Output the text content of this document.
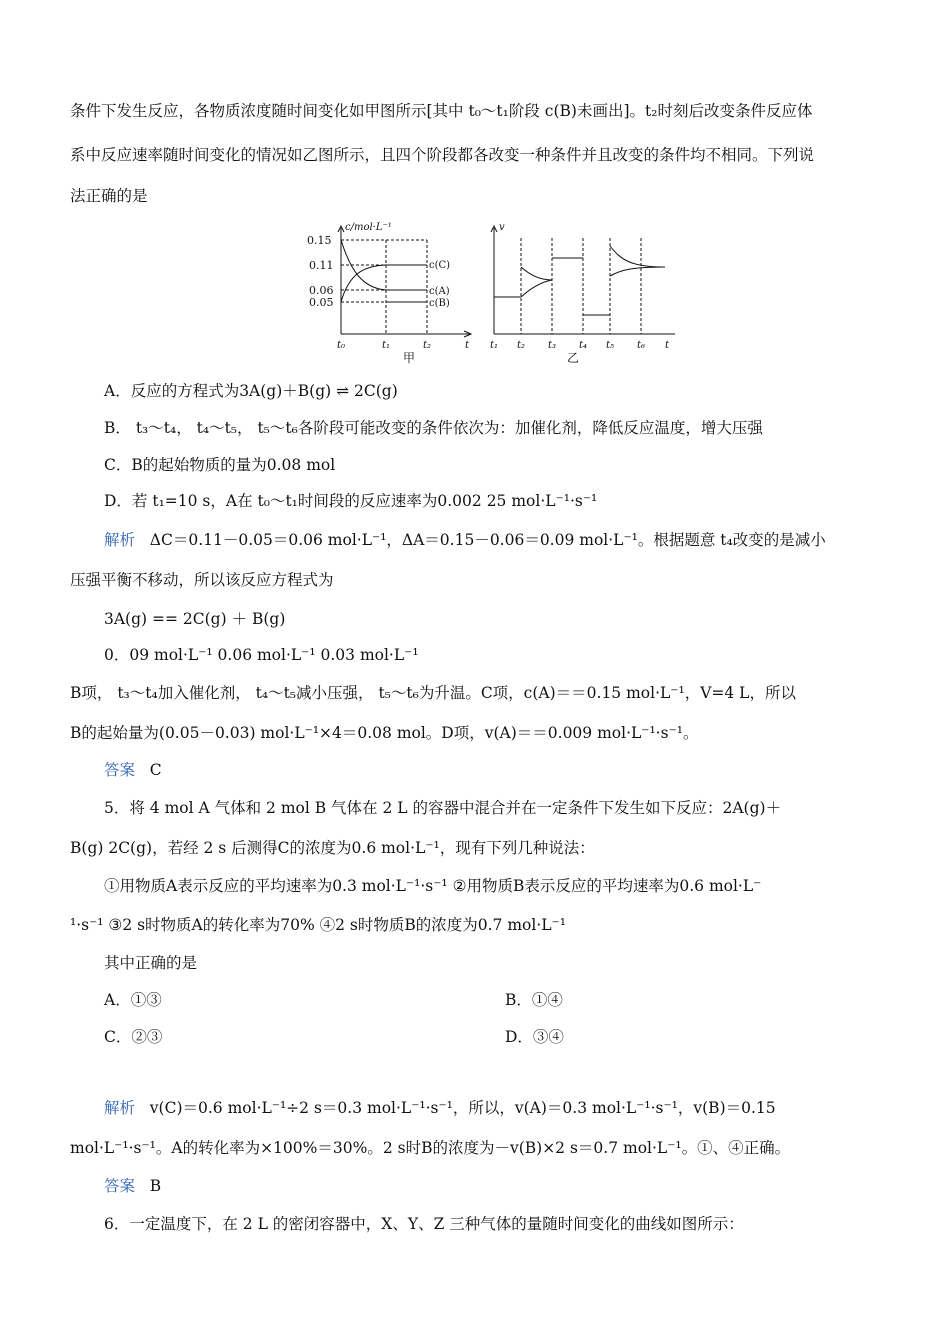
条件下发生反应，各物质浓度随时间变化如甲图所示[其中 t₀～t₁阶段 c(B)未画出]。t₂时刻后改变条件反应体
系中反应速率随时间变化的情况如乙图所示，且四个阶段都各改变一种条件并且改变的条件均不相同。下列说
法正确的是
0.15
0.11
0.06
0.05
c/mol·L⁻¹
t₀	t₁	t₂	t
c(C)
c(A)
c(B)
甲
v
t₁ t₂ t₃ t₄ t₅ t₆ t
乙
A．反应的方程式为3A(g)＋B(g) ⇌ 2C(g)
B． t₃～t₄， t₄～t₅， t₅～t₆各阶段可能改变的条件依次为：加催化剂，降低反应温度，增大压强
C．B的起始物质的量为0.08 mol
D．若 t₁=10 s，A在 t₀～t₁时间段的反应速率为0.002 25 mol·L⁻¹·s⁻¹
解析 ΔC＝0.11－0.05＝0.06 mol·L⁻¹，ΔA＝0.15－0.06＝0.09 mol·L⁻¹。根据题意 t₄改变的是减小
压强平衡不移动，所以该反应方程式为
3A(g) == 2C(g) ＋ B(g)
0．09 mol·L⁻¹ 0.06 mol·L⁻¹ 0.03 mol·L⁻¹
B项， t₃～t₄加入催化剂， t₄～t₅减小压强， t₅～t₆为升温。C项，c(A)＝＝0.15 mol·L⁻¹，V=4 L，所以
B的起始量为(0.05－0.03) mol·L⁻¹×4＝0.08 mol。D项，v(A)＝＝0.009 mol·L⁻¹·s⁻¹。
答案 C
5．将 4 mol A 气体和 2 mol B 气体在 2 L 的容器中混合并在一定条件下发生如下反应：2A(g)＋
B(g) 2C(g)，若经 2 s 后测得C的浓度为0.6 mol·L⁻¹，现有下列几种说法：
①用物质A表示反应的平均速率为0.3 mol·L⁻¹·s⁻¹ ②用物质B表示反应的平均速率为0.6 mol·L⁻
¹·s⁻¹ ③2 s时物质A的转化率为70% ④2 s时物质B的浓度为0.7 mol·L⁻¹
其中正确的是
A．①③	B．①④
C．②③	D．③④
解析 v(C)＝0.6 mol·L⁻¹÷2 s＝0.3 mol·L⁻¹·s⁻¹，所以，v(A)＝0.3 mol·L⁻¹·s⁻¹，v(B)＝0.15
mol·L⁻¹·s⁻¹。A的转化率为×100%＝30%。2 s时B的浓度为－v(B)×2 s＝0.7 mol·L⁻¹。①、④正确。
答案 B
6．一定温度下，在 2 L 的密闭容器中，X、Y、Z 三种气体的量随时间变化的曲线如图所示：
